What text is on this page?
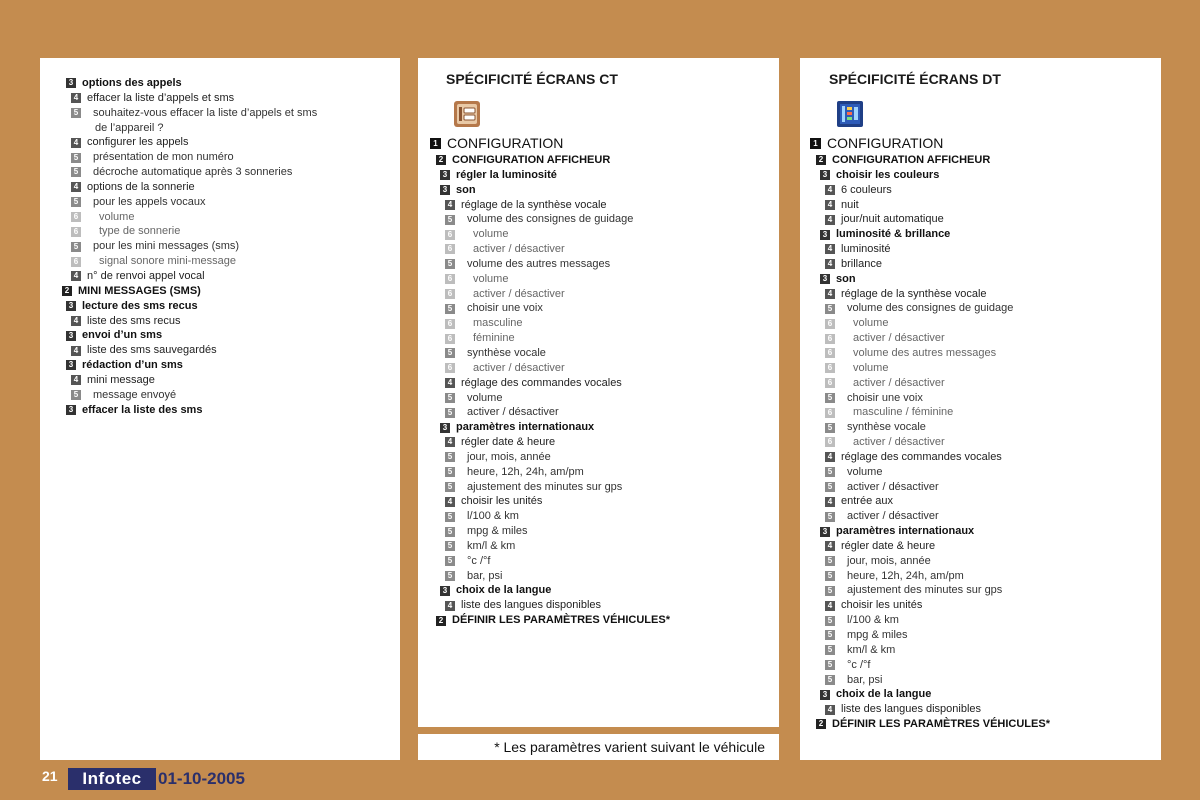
3 options des appels
4 effacer la liste d’appels et sms
5	souhaitez-vous effacer la liste d’appels et sms
de l’appareil ?
4 configurer les appels
5	présentation de mon numéro
5	décroche automatique après 3 sonneries
4 options de la sonnerie
5	pour les appels vocaux
6	volume
6	type de sonnerie
5	pour les mini messages (sms)
6	signal sonore mini-message
4 n° de renvoi appel vocal
2 MINI MESSAGES (SMS)
3 lecture des sms recus
4 liste des sms recus
3 envoi d’un sms
4 liste des sms sauvegardés
3 rédaction d’un sms
4 mini message
5	message envoyé
3 effacer la liste des sms
SPÉCIFICITÉ ÉCRANS CT
1 CONFIGURATION
2 CONFIGURATION AFFICHEUR
3 régler la luminosité
3 son
4 réglage de la synthèse vocale
5	volume des consignes de guidage
6	volume
6	activer / désactiver
5	volume des autres messages
6	volume
6	activer / désactiver
5	choisir une voix
6	masculine
6	féminine
5	synthèse vocale
6	activer / désactiver
4 réglage des commandes vocales
5	volume
5	activer / désactiver
3 paramètres internationaux
4 régler date & heure
5	jour, mois, année
5	heure, 12h, 24h, am/pm
5	ajustement des minutes sur gps
4 choisir les unités
5	l/100 & km
5	mpg & miles
5	km/l & km
5	°c /°f
5	bar, psi
3 choix de la langue
4 liste des langues disponibles
2 DÉFINIR LES PARAMÈTRES VÉHICULES*
SPÉCIFICITÉ ÉCRANS DT
1 CONFIGURATION
2 CONFIGURATION AFFICHEUR
3 choisir les couleurs
4 6 couleurs
4 nuit
4 jour/nuit automatique
3 luminosité & brillance
4 luminosité
4 brillance
3 son
4 réglage de la synthèse vocale
5	volume des consignes de guidage
6	volume
6	activer / désactiver
6	volume des autres messages
6	volume
6	activer / désactiver
5	choisir une voix
6	masculine / féminine
5	synthèse vocale
6	activer / désactiver
4 réglage des commandes vocales
5	volume
5	activer / désactiver
4 entrée aux
5	activer / désactiver
3 paramètres internationaux
4 régler date & heure
5	jour, mois, année
5	heure, 12h, 24h, am/pm
5	ajustement des minutes sur gps
4 choisir les unités
5	l/100 & km
5	mpg & miles
5	km/l & km
5	°c /°f
5	bar, psi
3 choix de la langue
4 liste des langues disponibles
2 DÉFINIR LES PARAMÈTRES VÉHICULES*
* Les paramètres varient suivant le véhicule
21	Infotec 01-10-2005
